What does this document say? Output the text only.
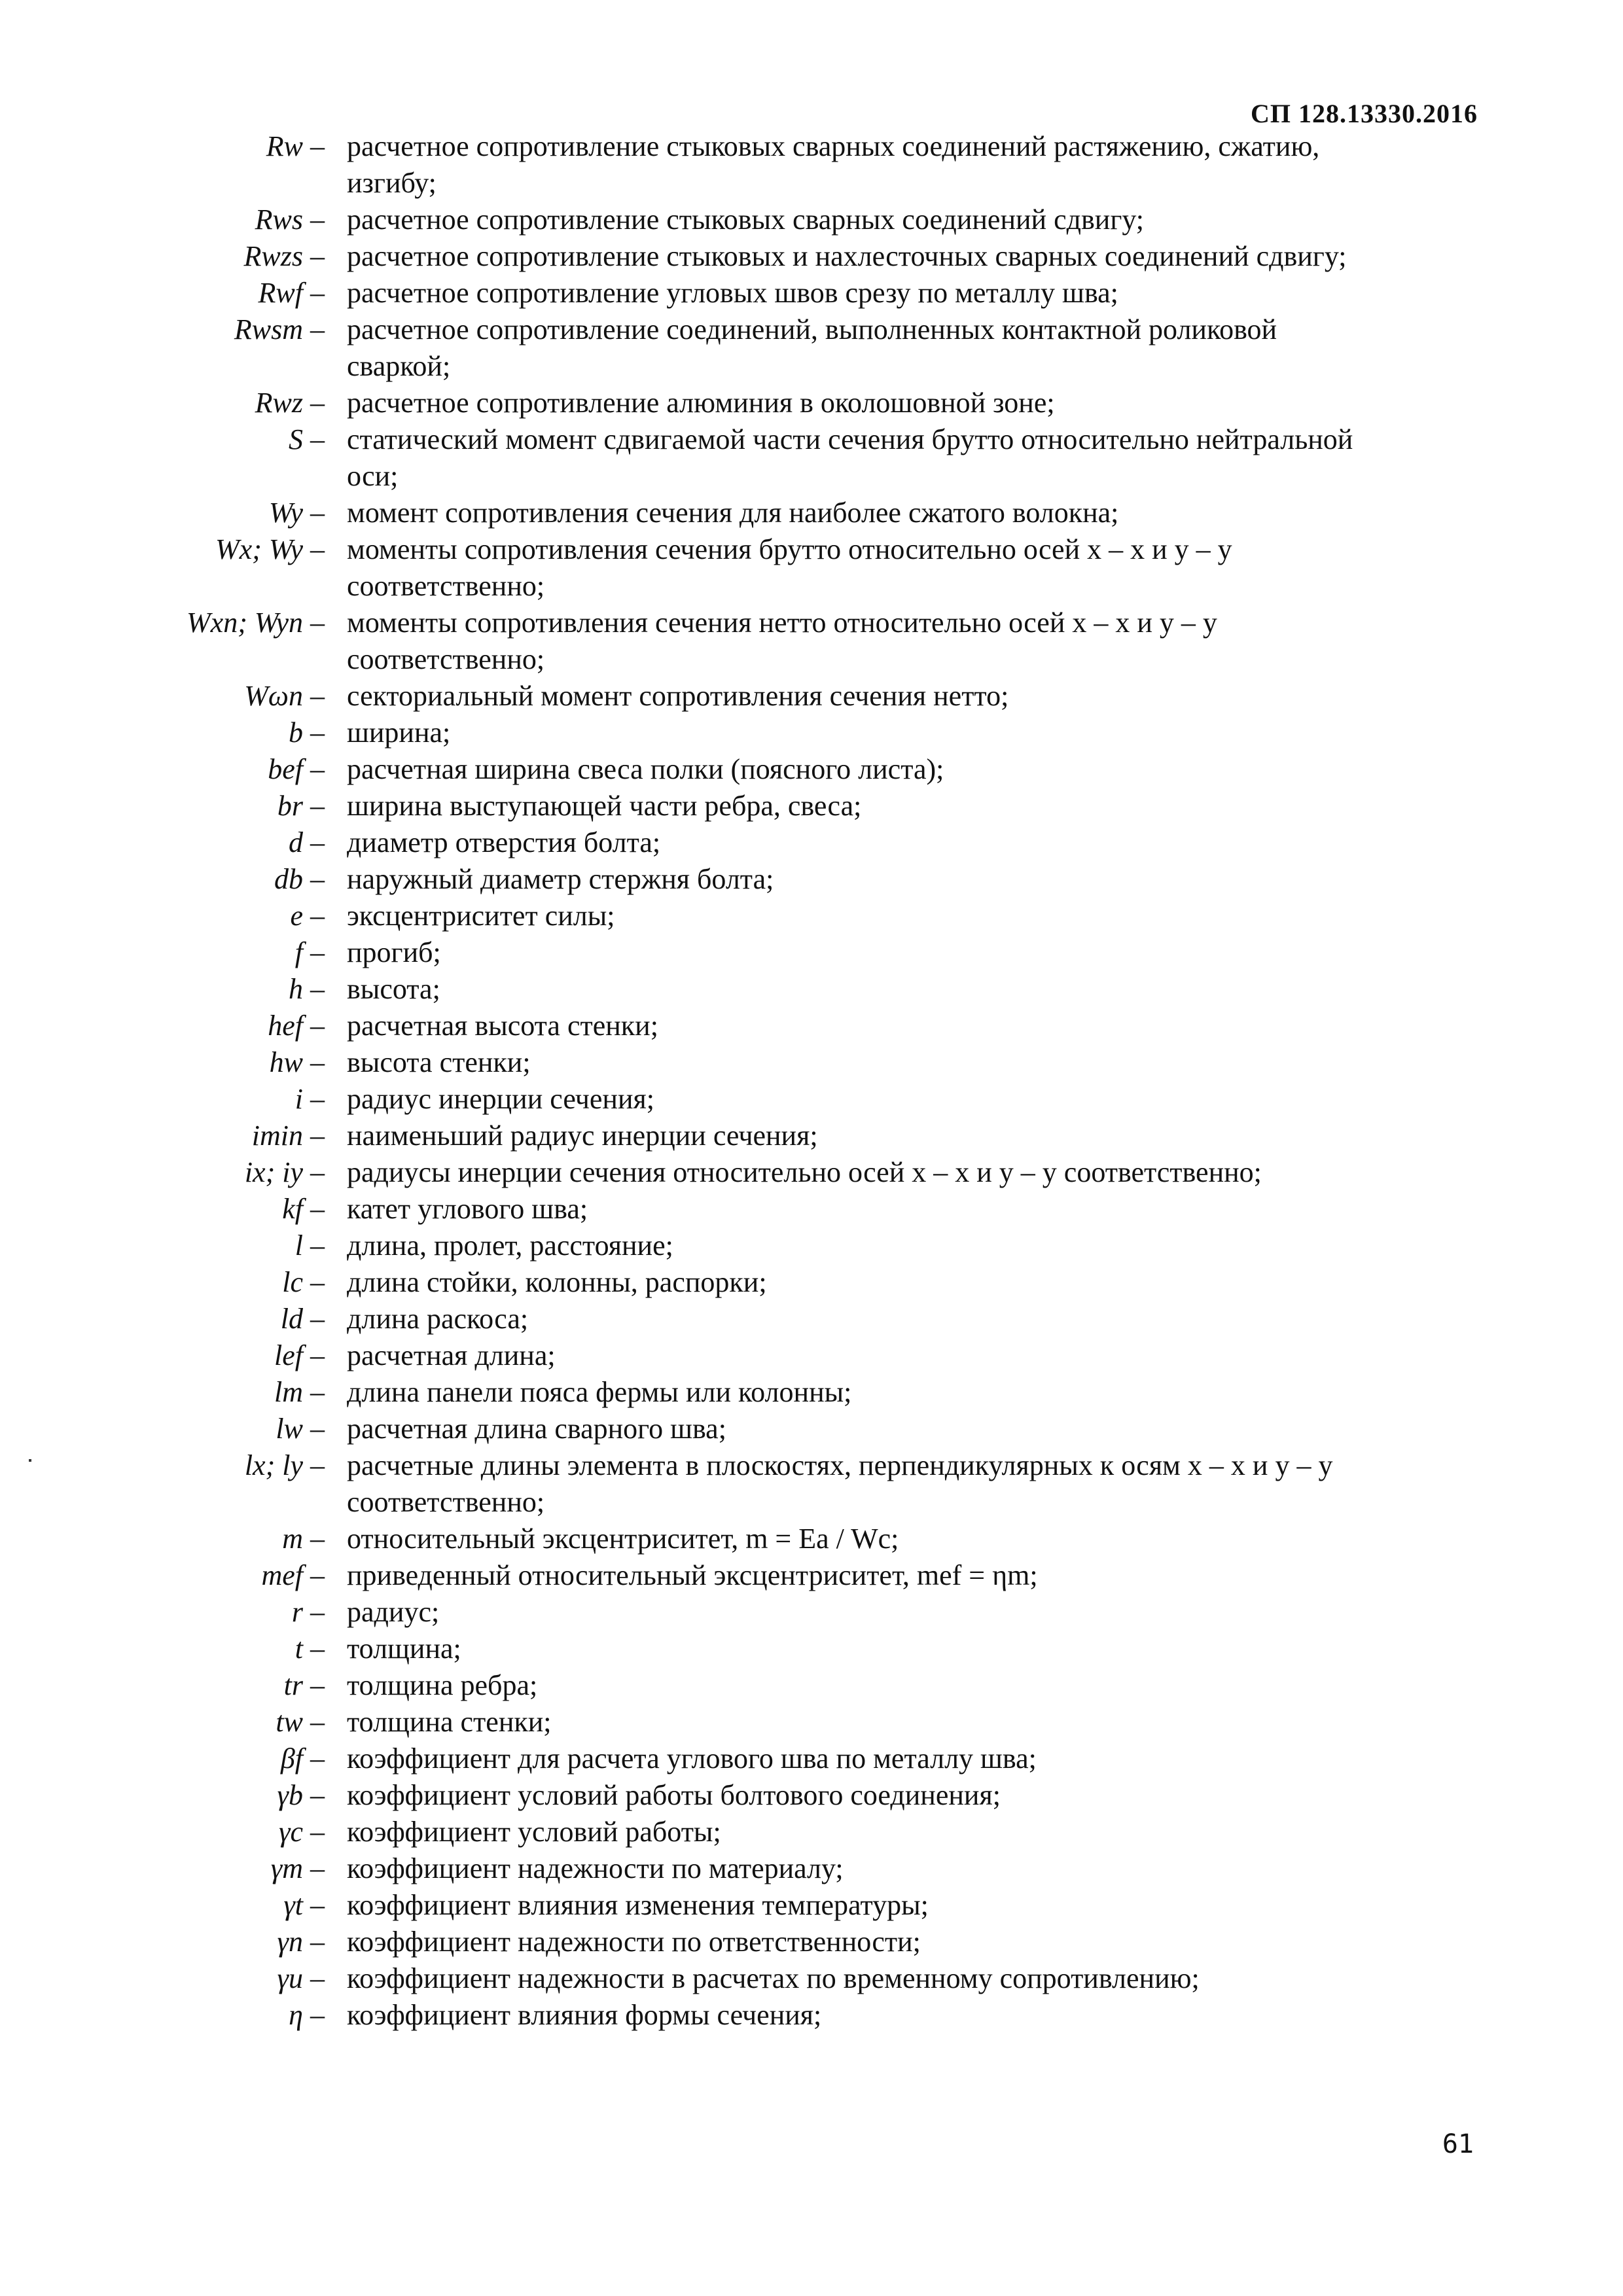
СП 128.13330.2016
Rw – расчетное сопротивление стыковых сварных соединений растяжению, сжатию, изгибу;
Rws – расчетное сопротивление стыковых сварных соединений сдвигу;
Rwzs – расчетное сопротивление стыковых и нахлесточных сварных соединений сдвигу;
Rwf – расчетное сопротивление угловых швов срезу по металлу шва;
Rwsm – расчетное сопротивление соединений, выполненных контактной роликовой сваркой;
Rwz – расчетное сопротивление алюминия в околошовной зоне;
S – статический момент сдвигаемой части сечения брутто относительно нейтральной оси;
Wy – момент сопротивления сечения для наиболее сжатого волокна;
Wx; Wy – моменты сопротивления сечения брутто относительно осей x – x и y – y соответственно;
Wxn; Wyn – моменты сопротивления сечения нетто относительно осей x – x и y – y соответственно;
Wωn – секториальный момент сопротивления сечения нетто;
b – ширина;
bef – расчетная ширина свеса полки (поясного листа);
br – ширина выступающей части ребра, свеса;
d – диаметр отверстия болта;
db – наружный диаметр стержня болта;
e – эксцентриситет силы;
f – прогиб;
h – высота;
hef – расчетная высота стенки;
hw – высота стенки;
i – радиус инерции сечения;
imin – наименьший радиус инерции сечения;
ix; iy – радиусы инерции сечения относительно осей x – x и y – y соответственно;
kf – катет углового шва;
l – длина, пролет, расстояние;
lc – длина стойки, колонны, распорки;
ld – длина раскоса;
lef – расчетная длина;
lm – длина панели пояса фермы или колонны;
lw – расчетная длина сварного шва;
lx; ly – расчетные длины элемента в плоскостях, перпендикулярных к осям x – x и y – y соответственно;
m – относительный эксцентриситет, m = Ea / Wc;
mef – приведенный относительный эксцентриситет, mef = ηm;
r – радиус;
t – толщина;
tr – толщина ребра;
tw – толщина стенки;
βf – коэффициент для расчета углового шва по металлу шва;
γb – коэффициент условий работы болтового соединения;
γc – коэффициент условий работы;
γm – коэффициент надежности по материалу;
γt – коэффициент влияния изменения температуры;
γn – коэффициент надежности по ответственности;
γu – коэффициент надежности в расчетах по временному сопротивлению;
η – коэффициент влияния формы сечения;
61
